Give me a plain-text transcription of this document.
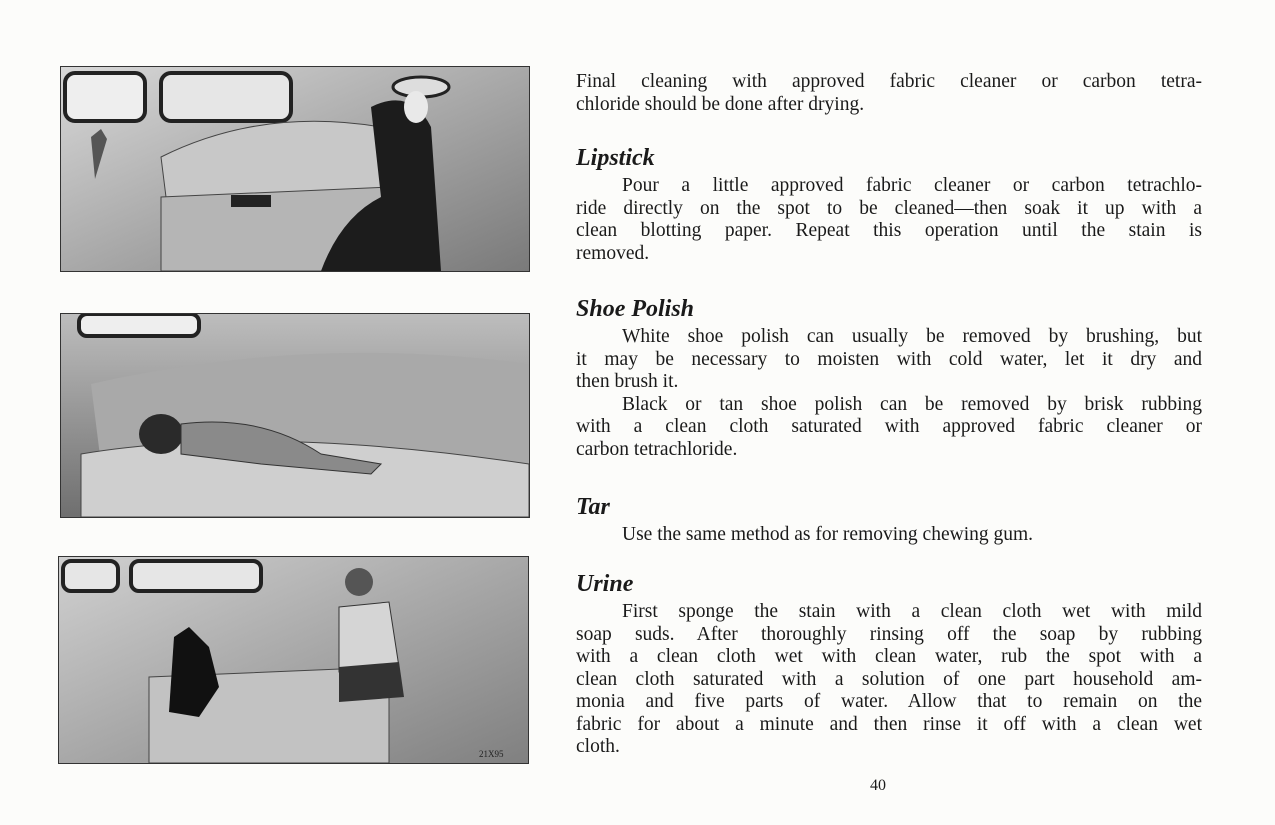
21X95
Final cleaning with approved fabric cleaner or carbon tetra-
chloride should be done after drying.
Lipstick
Pour a little approved fabric cleaner or carbon tetrachlo-
ride directly on the spot to be cleaned—then soak it up with a
clean blotting paper. Repeat this operation until the stain is
removed.
Shoe Polish
White shoe polish can usually be removed by brushing, but
it may be necessary to moisten with cold water, let it dry and
then brush it.
Black or tan shoe polish can be removed by brisk rubbing
with a clean cloth saturated with approved fabric cleaner or
carbon tetrachloride.
Tar
Use the same method as for removing chewing gum.
Urine
First sponge the stain with a clean cloth wet with mild
soap suds. After thoroughly rinsing off the soap by rubbing
with a clean cloth wet with clean water, rub the spot with a
clean cloth saturated with a solution of one part household am-
monia and five parts of water. Allow that to remain on the
fabric for about a minute and then rinse it off with a clean wet
cloth.
40
